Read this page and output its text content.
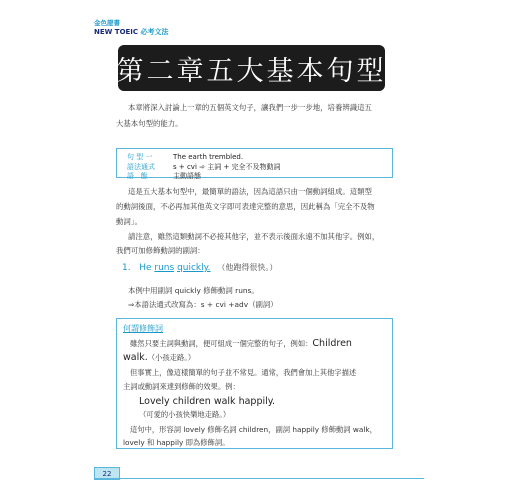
金色證書
NEW TOEIC 必考文法
第二章 五大基本句型
本章將深入討論上一章的五個英文句子，讓我們一步一步地，培養辨識這五
大基本句型的能力。
句 型 一	The earth trembled.
語法通式	s + cvi ➾ 主詞 + 完全不及物動詞
語   態	主動語態
這是五大基本句型中，最簡單的語法，因為這語只由一個動詞組成。這類型
的動詞後面，不必再加其他英文字即可表達完整的意思，因此稱為「完全不及物
動詞」。
請注意，雖然這類動詞不必接其他字，並不表示後面永遠不加其他字。例如，
我們可加修飾動詞的副詞：
1. He runs quickly. （他跑得很快。）
本例中用副詞 quickly 修飾動詞 runs。
⇒本語法通式改寫為：s + cvi +adv（副詞）
何謂修飾詞
雖然只要主詞與動詞，便可組成一個完整的句子，例如：Children
walk.（小孩走路。）
但事實上，像這樣簡單的句子並不常見。通常，我們會加上其他字描述
主詞或動詞來達到修飾的效果。例：
Lovely children walk happily.
（可愛的小孩快樂地走路。）
這句中，形容詞 lovely 修飾名詞 children，副詞 happily 修飾動詞 walk，
lovely 和 happily 即為修飾詞。
22
